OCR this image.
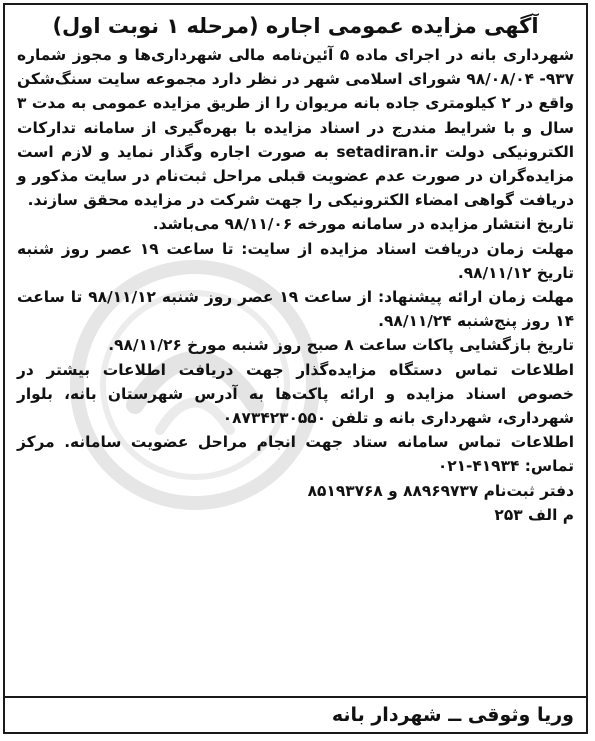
آگهی مزایده عمومی اجاره (مرحله ۱ نوبت اول)

شهرداری بانه در اجرای ماده ۵ آئین‌نامه مالی شهرداری‌ها و مجوز شماره ۹۳۷- ۹۸/۰۸/۰۴ شورای اسلامی شهر در نظر دارد مجموعه سایت سنگ‌شکن واقع در ۲ کیلومتری جاده بانه مریوان را از طریق مزایده عمومی به مدت ۳ سال و با شرایط مندرج در اسناد مزایده با بهره‌گیری از سامانه تدارکات الکترونیکی دولت setadiran.ir به صورت اجاره وگذار نماید و لازم است مزایده‌گران در صورت عدم عضویت قبلی مراحل ثبت‌نام در سایت مذکور و دریافت گواهی امضاء الکترونیکی را جهت شرکت در مزایده محقق سازند.

تاریخ انتشار مزایده در سامانه مورخه ۹۸/۱۱/۰۶ می‌باشد.

مهلت زمان دریافت اسناد مزایده از سایت: تا ساعت ۱۹ عصر روز شنبه تاریخ ۹۸/۱۱/۱۲.

مهلت زمان ارائه پیشنهاد: از ساعت ۱۹ عصر روز شنبه ۹۸/۱۱/۱۲ تا ساعت ۱۴ روز پنج‌شنبه ۹۸/۱۱/۲۴.

تاریخ بازگشایی پاکات ساعت ۸ صبح روز شنبه مورخ ۹۸/۱۱/۲۶.

اطلاعات تماس دستگاه مزایده‌گذار جهت دریافت اطلاعات بیشتر در خصوص اسناد مزایده و ارائه پاکت‌ها به آدرس شهرستان بانه، بلوار شهرداری، شهرداری بانه و تلفن ۰۸۷۳۴۲۳۰۵۵۰

اطلاعات تماس سامانه ستاد جهت انجام مراحل عضویت سامانه. مرکز تماس: ۴۱۹۳۴-۰۲۱

دفتر ثبت‌نام ۸۸۹۶۹۷۳۷ و ۸۵۱۹۳۷۶۸

م الف ۲۵۳

وریا وثوقی ــ شهردار بانه
